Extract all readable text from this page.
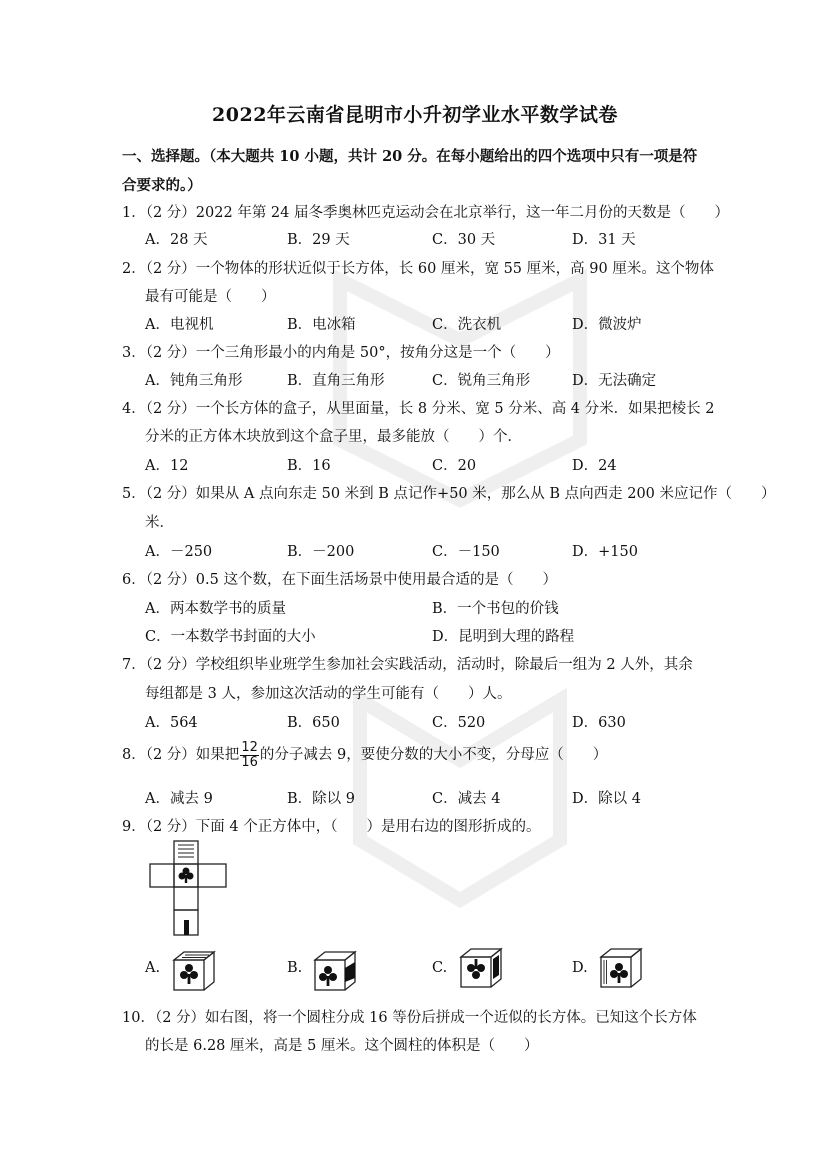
2022年云南省昆明市小升初学业水平数学试卷
一、选择题。（本大题共 10 小题，共计 20 分。在每小题给出的四个选项中只有一项是符
合要求的。）
1．（2 分）2022 年第 24 届冬季奥林匹克运动会在北京举行，这一年二月份的天数是（　　）
A．28 天	B．29 天	C．30 天	D．31 天
2．（2 分）一个物体的形状近似于长方体，长 60 厘米，宽 55 厘米，高 90 厘米。这个物体
最有可能是（　　）
A．电视机	B．电冰箱	C．洗衣机	D．微波炉
3．（2 分）一个三角形最小的内角是 50°，按角分这是一个（　　）
A．钝角三角形	B．直角三角形	C．锐角三角形	D．无法确定
4．（2 分）一个长方体的盒子，从里面量，长 8 分米、宽 5 分米、高 4 分米．如果把棱长 2
分米的正方体木块放到这个盒子里，最多能放（　　）个．
A．12	B．16	C．20	D．24
5．（2 分）如果从 A 点向东走 50 米到 B 点记作+50 米，那么从 B 点向西走 200 米应记作（　　）
米．
A．－250	B．－200	C．－150	D．+150
6．（2 分）0.5 这个数，在下面生活场景中使用最合适的是（　　）
A．两本数学书的质量	B．一个书包的价钱
C．一本数学书封面的大小	D．昆明到大理的路程
7．（2 分）学校组织毕业班学生参加社会实践活动，活动时，除最后一组为 2 人外，其余
每组都是 3 人，参加这次活动的学生可能有（　　）人。
A．564	B．650	C．520	D．630
8．（2 分）如果把 $\frac{12}{16}$ 的分子减去 9，要使分数的大小不变，分母应（　　）
A．减去 9	B．除以 9	C．减去 4	D．除以 4
9．（2 分）下面 4 个正方体中，（　　）是用右边的图形折成的。
A.	B.	C.	D.
10．（2 分）如右图，将一个圆柱分成 16 等份后拼成一个近似的长方体。已知这个长方体
的长是 6.28 厘米，高是 5 厘米。这个圆柱的体积是（　　）
